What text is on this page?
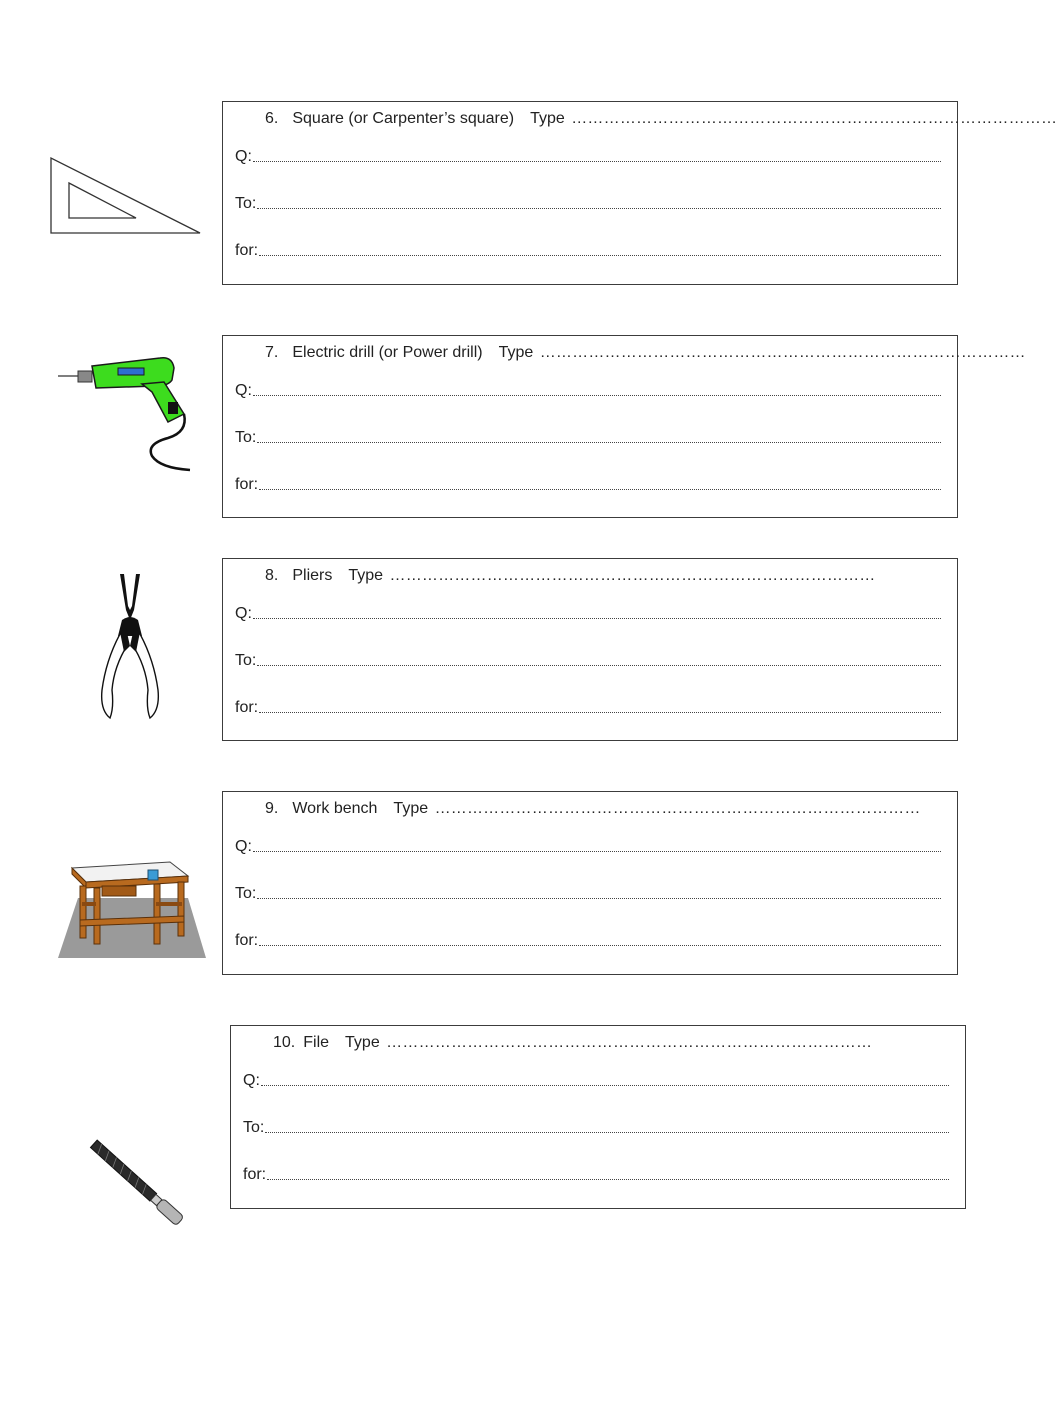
6. Square (or Carpenter’s square) Type ………………………………………………………………………………
Q:
To:
for:
7. Electric drill (or Power drill) Type ………………………………………………………………………………
Q:
To:
for:
8. Pliers Type ………………………………………………………………………………
Q:
To:
for:
9. Work bench Type ………………………………………………………………………………
Q:
To:
for:
10. File Type ………………………………………………………………………………
Q:
To:
for:
